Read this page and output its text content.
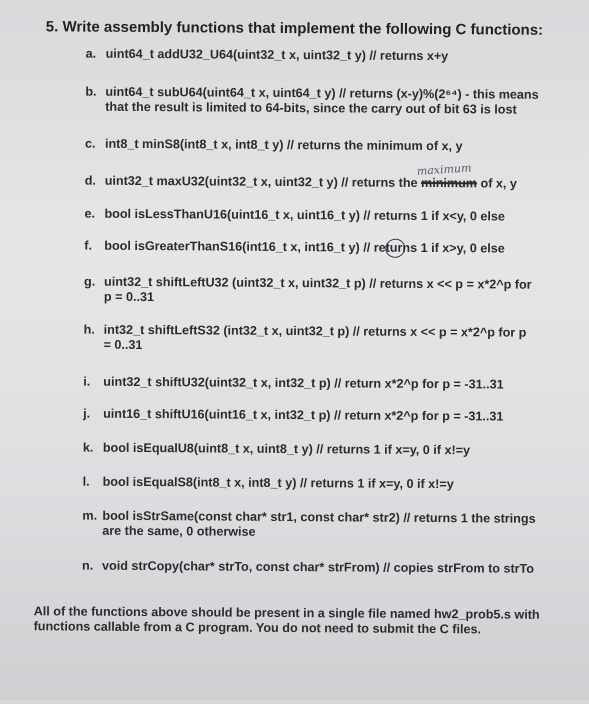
5. Write assembly functions that implement the following C functions:
a. uint64_t addU32_U64(uint32_t x, uint32_t y) // returns x+y
b. uint64_t subU64(uint64_t x, uint64_t y) // returns (x-y)%(2⁶⁴) - this means
that the result is limited to 64-bits, since the carry out of bit 63 is lost
c. int8_t minS8(int8_t x, int8_t y) // returns the minimum of x, y
maximum
d. uint32_t maxU32(uint32_t x, uint32_t y) // returns the minimum of x, y
e. bool isLessThanU16(uint16_t x, uint16_t y) // returns 1 if x<y, 0 else
f. bool isGreaterThanS16(int16_t x, int16_t y) // returns 1 if x>y, 0 else
g. uint32_t shiftLeftU32 (uint32_t x, uint32_t p) // returns x << p = x*2^p for
p = 0..31
h. int32_t shiftLeftS32 (int32_t x, uint32_t p) // returns x << p = x*2^p for p
= 0..31
i.	uint32_t shiftU32(uint32_t x, int32_t p) // return x*2^p for p = -31..31
j.	uint16_t shiftU16(uint16_t x, int32_t p) // return x*2^p for p = -31..31
k. bool isEqualU8(uint8_t x, uint8_t y) // returns 1 if x=y, 0 if x!=y
l.	bool isEqualS8(int8_t x, int8_t y) // returns 1 if x=y, 0 if x!=y
m. bool isStrSame(const char* str1, const char* str2) // returns 1 the strings
are the same, 0 otherwise
n. void strCopy(char* strTo, const char* strFrom) // copies strFrom to strTo
All of the functions above should be present in a single file named hw2_prob5.s with functions callable from a C program. You do not need to submit the C files.
